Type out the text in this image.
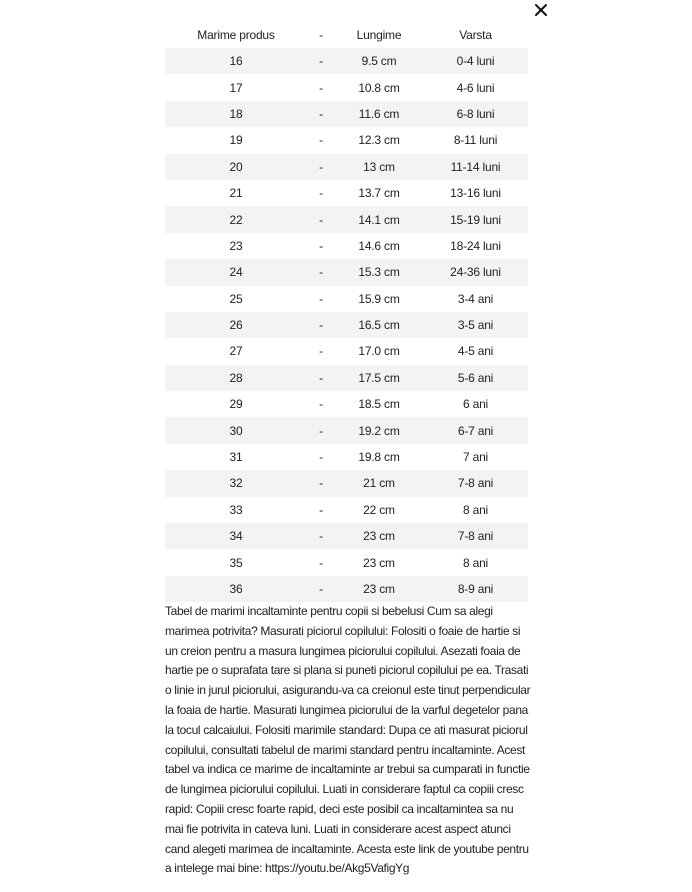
Marime produs	-	Lungime	Varsta
16	-	9.5 cm	0-4 luni
17	-	10.8 cm	4-6 luni
18	-	11.6 cm	6-8 luni
19	-	12.3 cm	8-11 luni
20	-	13 cm	11-14 luni
21	-	13.7 cm	13-16 luni
22	-	14.1 cm	15-19 luni
23	-	14.6 cm	18-24 luni
24	-	15.3 cm	24-36 luni
25	-	15.9 cm	3-4 ani
26	-	16.5 cm	3-5 ani
27	-	17.0 cm	4-5 ani
28	-	17.5 cm	5-6 ani
29	-	18.5 cm	6 ani
30	-	19.2 cm	6-7 ani
31	-	19.8 cm	7 ani
32	-	21 cm	7-8 ani
33	-	22 cm	8 ani
34	-	23 cm	7-8 ani
35	-	23 cm	8 ani
36	-	23 cm	8-9 ani

Tabel de marimi incaltaminte pentru copii si bebelusi Cum sa alegi marimea potrivita? Masurati piciorul copilului: Folositi o foaie de hartie si un creion pentru a masura lungimea piciorului copilului. Asezati foaia de hartie pe o suprafata tare si plana si puneti piciorul copilului pe ea. Trasati o linie in jurul piciorului, asigurandu-va ca creionul este tinut perpendicular la foaia de hartie. Masurati lungimea piciorului de la varful degetelor pana la tocul calcaiului. Folositi marimile standard: Dupa ce ati masurat piciorul copilului, consultati tabelul de marimi standard pentru incaltaminte. Acest tabel va indica ce marime de incaltaminte ar trebui sa cumparati in functie de lungimea piciorului copilului. Luati in considerare faptul ca copiii cresc rapid: Copiii cresc foarte rapid, deci este posibil ca incaltamintea sa nu mai fie potrivita in cateva luni. Luati in considerare acest aspect atunci cand alegeti marimea de incaltaminte. Acesta este link de youtube pentru a intelege mai bine: https://youtu.be/Akg5VafigYg
